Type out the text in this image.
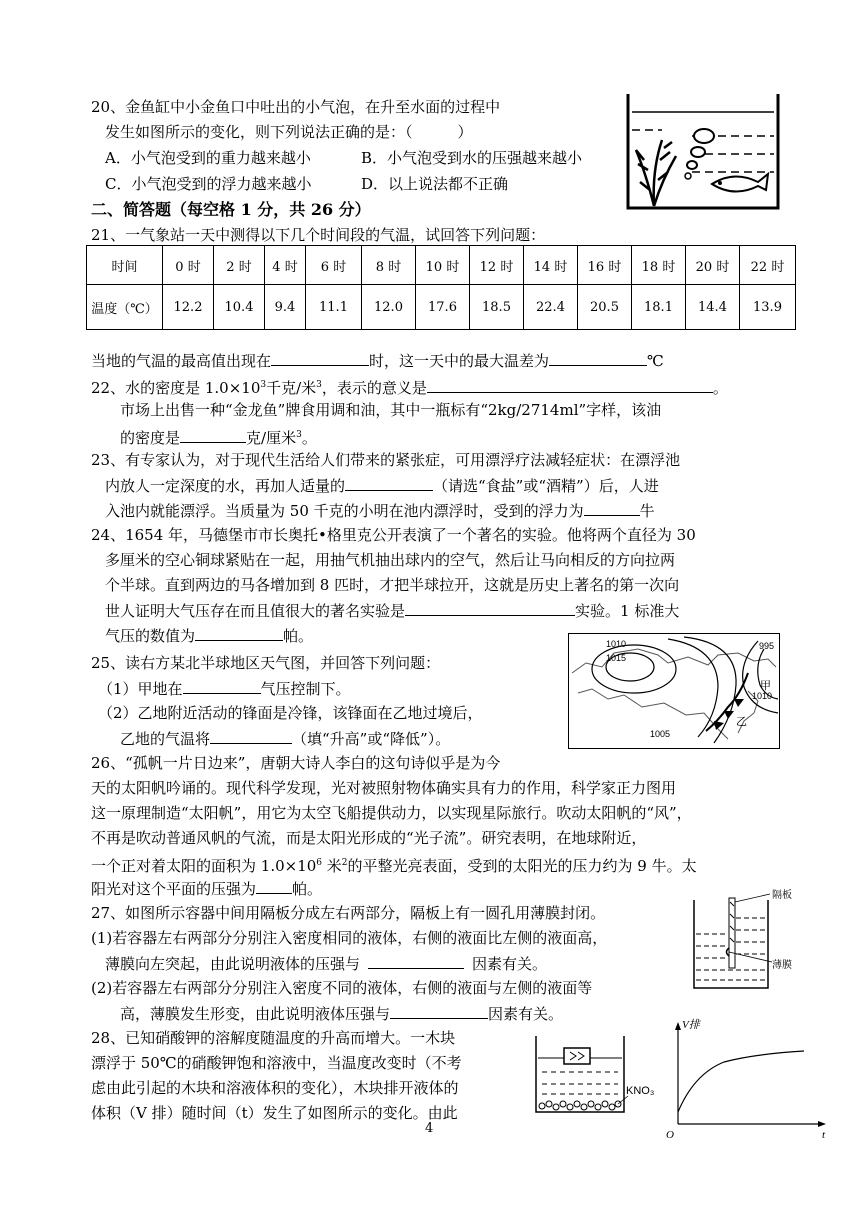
20、金鱼缸中小金鱼口中吐出的小气泡，在升至水面的过程中
发生如图所示的变化，则下列说法正确的是：（　　　）
A．小气泡受到的重力越来越小	B．小气泡受到水的压强越来越小
C．小气泡受到的浮力越来越小	D．以上说法都不正确
二、简答题（每空格 1 分，共 26 分）
21、一气象站一天中测得以下几个时间段的气温，试回答下列问题：
时间	0 时	2 时	4 时	6 时	8 时	10 时	12 时	14 时	16 时	18 时	20 时	22 时
温度（℃）	12.2	10.4	9.4	11.1	12.0	17.6	18.5	22.4	20.5	18.1	14.4	13.9
当地的气温的最高值出现在	时，这一天中的最大温差为	℃
22、水的密度是 $1.0\times 10^3$千克/米$^3$，表示的意义是	。
市场上出售一种“金龙鱼”牌食用调和油，其中一瓶标有“2kg/2714ml”字样，该油
的密度是	克/厘米$^3$。
23、有专家认为，对于现代生活给人们带来的紧张症，可用漂浮疗法减轻症状：在漂浮池
内放人一定深度的水，再加人适量的	（请选“食盐”或“酒精”）后，人进
入池内就能漂浮。当质量为 50 千克的小明在池内漂浮时，受到的浮力为	牛
24、1654 年，马德堡市市长奥托•格里克公开表演了一个著名的实验。他将两个直径为 30
多厘米的空心铜球紧贴在一起，用抽气机抽出球内的空气，然后让马向相反的方向拉两
个半球。直到两边的马各增加到 8 匹时，才把半球拉开，这就是历史上著名的第一次向
世人证明大气压存在而且值很大的著名实验是	实验。1 标准大
气压的数值为	帕。
25、读右方某北半球地区天气图，并回答下列问题：
（1）甲地在	气压控制下。
（2）乙地附近活动的锋面是冷锋，该锋面在乙地过境后，
乙地的气温将	（填“升高”或“降低”）。
1010
1015
995
甲
乙
1010
1005
26、“孤帆一片日边来”，唐朝大诗人李白的这句诗似乎是为今
天的太阳帆吟诵的。现代科学发现，光对被照射物体确实具有力的作用，科学家正力图用
这一原理制造“太阳帆”，用它为太空飞船提供动力，以实现星际旅行。吹动太阳帆的“风”，
不再是吹动普通风帆的气流，而是太阳光形成的“光子流”。研究表明，在地球附近，
一个正对着太阳的面积为 $1.0\times 10^6$ 米$^2$的平整光亮表面，受到的太阳光的压力约为 9 牛。太
阳光对这个平面的压强为 帕。
27、如图所示容器中间用隔板分成左右两部分，隔板上有一圆孔用薄膜封闭。
(1)若容器左右两部分分别注入密度相同的液体，右侧的液面比左侧的液面高，
薄膜向左突起，由此说明液体的压强与	因素有关。
(2)若容器左右两部分分别注入密度不同的液体，右侧的液面与左侧的液面等
高，薄膜发生形变，由此说明液体压强与	因素有关。
隔板
薄膜
28、已知硝酸钾的溶解度随温度的升高而增大。一木块
漂浮于 50℃的硝酸钾饱和溶液中，当温度改变时（不考
虑由此引起的木块和溶液体积的变化），木块排开液体的
体积（V 排）随时间（t）发生了如图所示的变化。由此
KNO₃
V排
t
O
4
